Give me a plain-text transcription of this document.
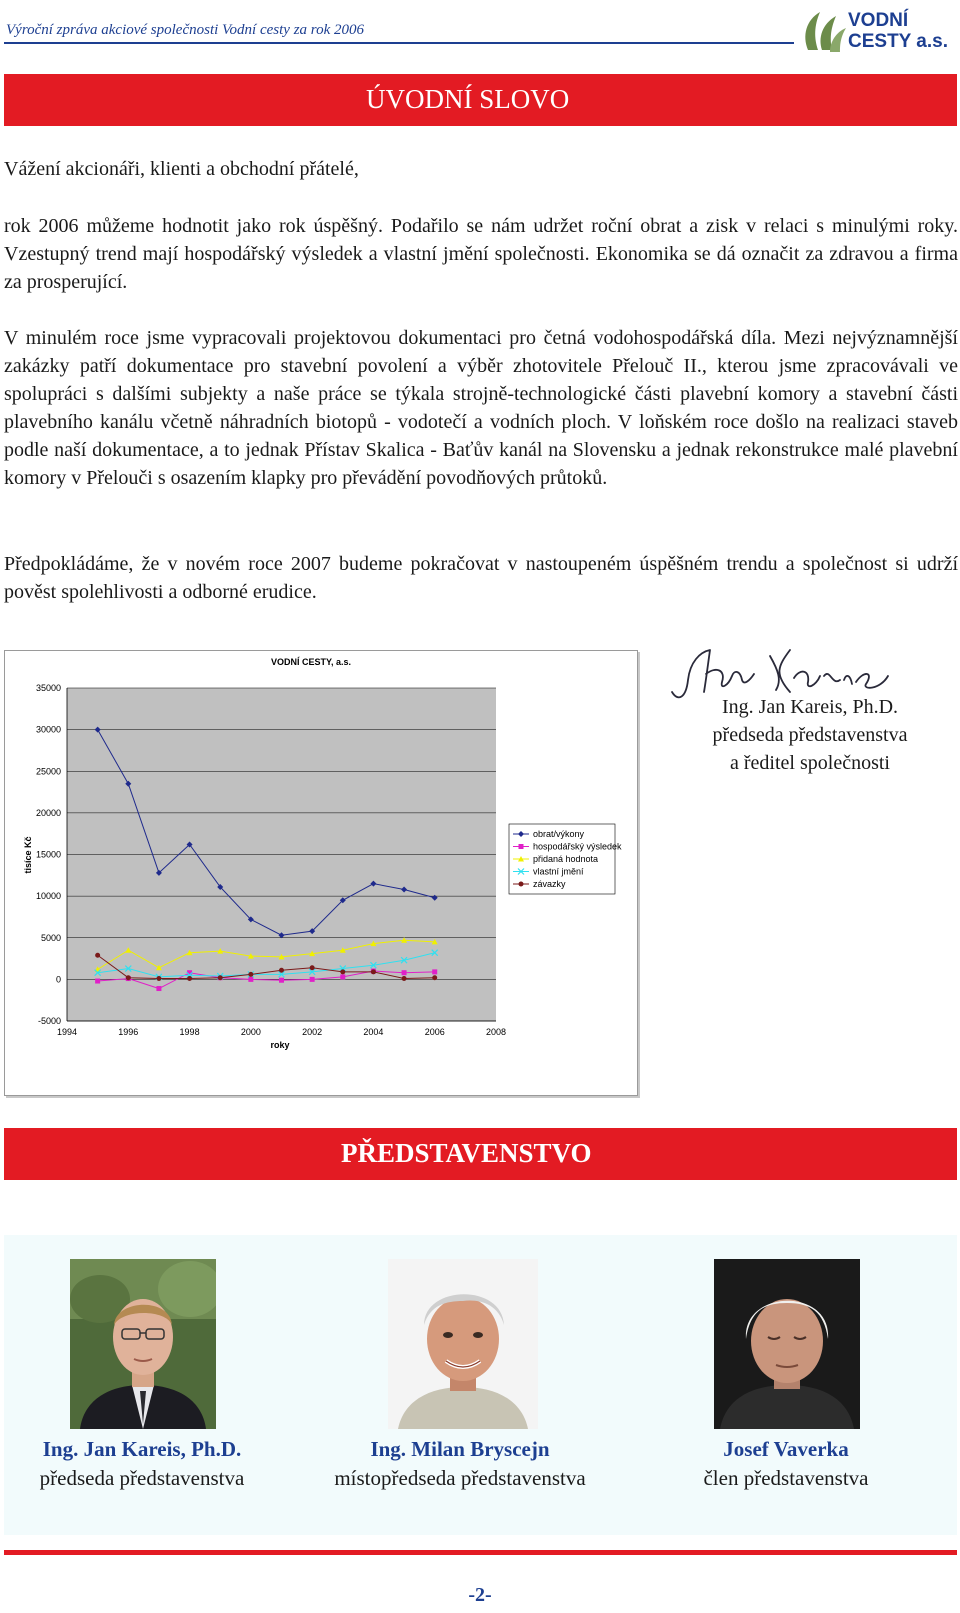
Výroční zpráva akciové společnosti Vodní cesty za rok 2006	VODNÍ
CESTY a.s.
ÚVODNÍ SLOVO
Vážení akcionáři, klienti a obchodní přátelé,
rok 2006 můžeme hodnotit jako rok úspěšný. Podařilo se nám udržet roční obrat a zisk v relaci s minulými roky. Vzestupný trend mají hospodářský výsledek a vlastní jmění společnosti. Ekonomika se dá označit za zdravou a firma za prosperující.
V minulém roce jsme vypracovali projektovou dokumentaci pro četná vodohospodářská díla. Mezi nejvýznamnější zakázky patří dokumentace pro stavební povolení a výběr zhotovitele Přelouč II., kterou jsme zpracovávali ve spolupráci s dalšími subjekty a naše práce se týkala strojně-technologické části plavební komory a stavební části plavebního kanálu včetně náhradních biotopů - vodotečí a vodních ploch. V loňském roce došlo na realizaci staveb podle naší dokumentace, a to jednak Přístav Skalica - Baťův kanál na Slovensku a jednak rekonstrukce malé plavební komory v Přelouči s osazením klapky pro převádění povodňových průtoků.
Předpokládáme, že v novém roce 2007 budeme pokračovat v nastoupeném úspěšném trendu a společnost si udrží pověst spolehlivosti a odborné erudice.
-5000
0
5000
10000
15000
20000
25000
30000
35000
1994	1996	1998	2000	2002	2004	2006	2008
VODNÍ CESTY, a.s.
roky
tisíce Kč
obrat/výkony
hospodářský výsledek
přidaná hodnota
vlastní jmění
závazky
Ing. Jan Kareis, Ph.D.
předseda představenstva
a ředitel společnosti
PŘEDSTAVENSTVO
Ing. Jan Kareis, Ph.D.
předseda představenstva
Ing. Milan Bryscejn
místopředseda představenstva
Josef Vaverka
člen představenstva
-2-
